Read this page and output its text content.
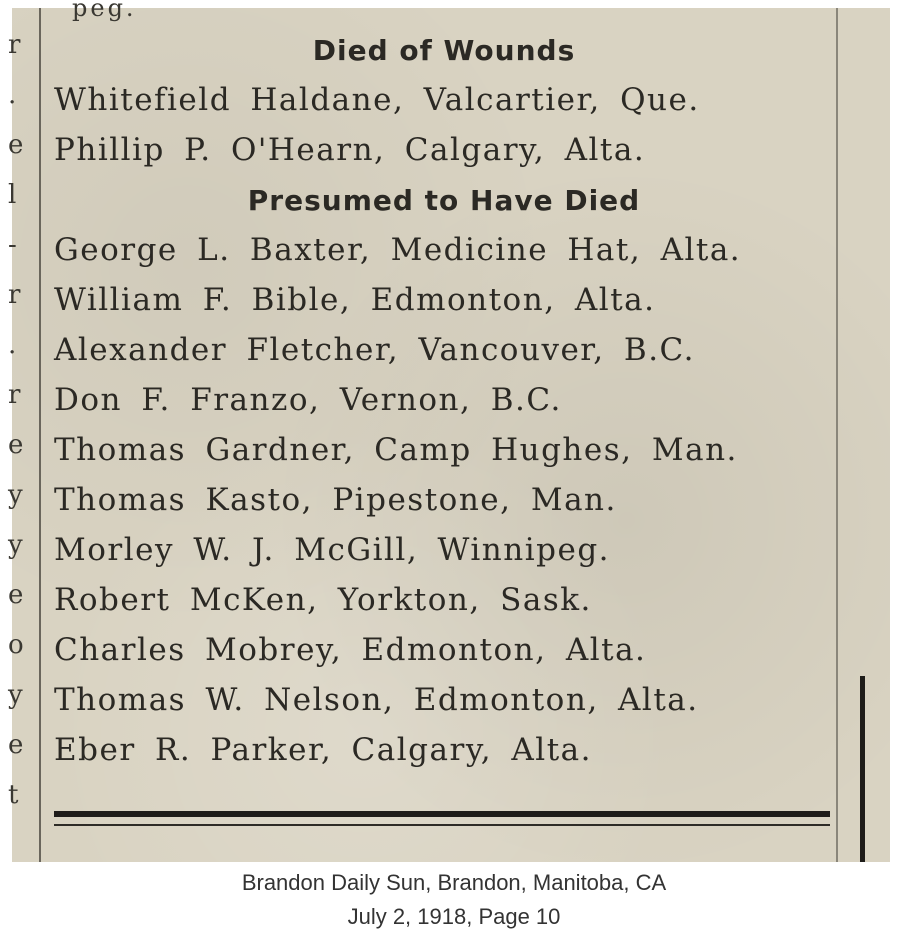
r
.
e
l
-
r
.
r
e
y
y
e
o
y
e
t
peg.
Died of Wounds
Whitefield Haldane, Valcartier, Que.
Phillip P. O'Hearn, Calgary, Alta.
Presumed to Have Died
George L. Baxter, Medicine Hat, Alta.
William F. Bible, Edmonton, Alta.
Alexander Fletcher, Vancouver, B.C.
Don F. Franzo, Vernon, B.C.
Thomas Gardner, Camp Hughes, Man.
Thomas Kasto, Pipestone, Man.
Morley W. J. McGill, Winnipeg.
Robert McKen, Yorkton, Sask.
Charles Mobrey, Edmonton, Alta.
Thomas W. Nelson, Edmonton, Alta.
Eber R. Parker, Calgary, Alta.
Brandon Daily Sun, Brandon, Manitoba, CA
July 2, 1918, Page 10
